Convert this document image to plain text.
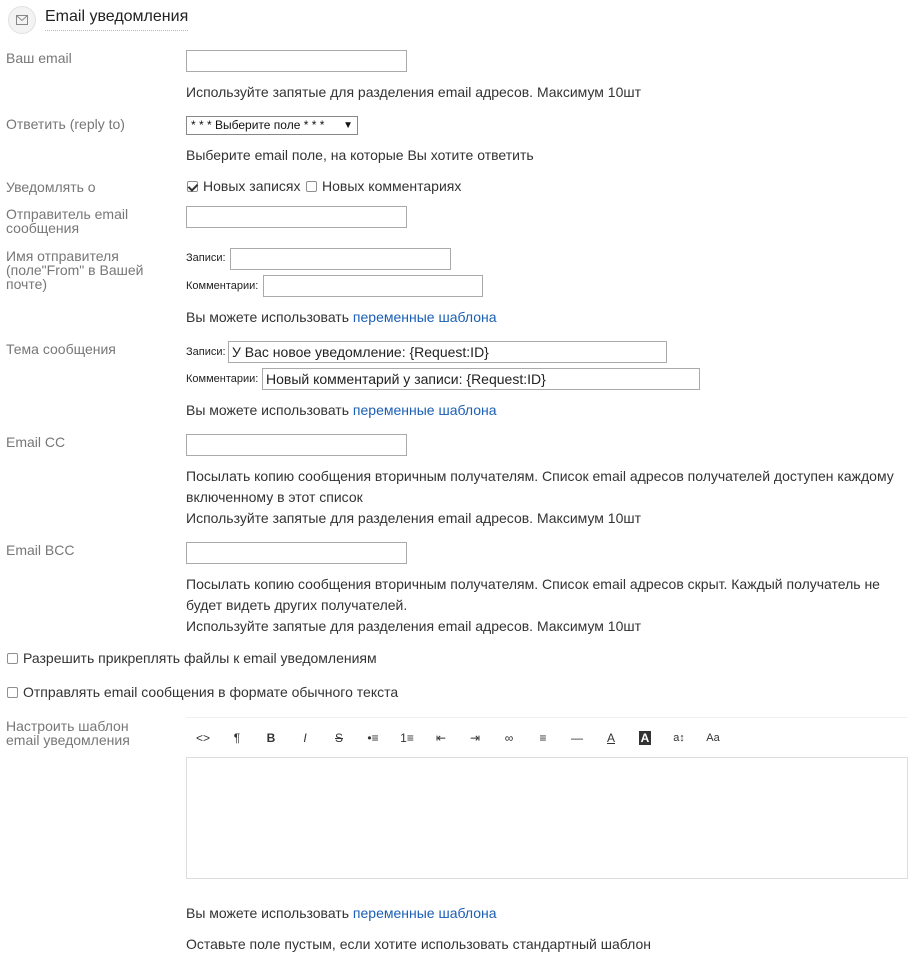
Email уведомления
Ваш email
Используйте запятые для разделения email адресов. Максимум 10шт
Ответить (reply to)	* * * Выберите поле * * * ▼
Выберите email поле, на которые Вы хотите ответить
Уведомлять о	Новых записях Новых комментариях
Отправитель email сообщения
Имя отправителя (поле"From" в Вашей почте)
Записи:
Комментарии:
Вы можете использовать переменные шаблона
Тема сообщения	Записи: У Вас новое уведомление: {Request:ID}
Комментарии: Новый комментарий у записи: {Request:ID}
Вы можете использовать переменные шаблона
Email CC
Посылать копию сообщения вторичным получателям. Список email адресов получателей доступен каждому
включенному в этот список
Используйте запятые для разделения email адресов. Максимум 10шт
Email BCC
Посылать копию сообщения вторичным получателям. Список email адресов скрыт. Каждый получатель не
будет видеть других получателей.
Используйте запятые для разделения email адресов. Максимум 10шт
Разрешить прикреплять файлы к email уведомлениям
Отправлять email сообщения в формате обычного текста
Настроить шаблон email уведомления	<>	¶	B	I	S	•≡	1≡	⇤	⇥	∞	≡	—	A	A	a↕	Aa
Вы можете использовать переменные шаблона
Оставьте поле пустым, если хотите использовать стандартный шаблон
